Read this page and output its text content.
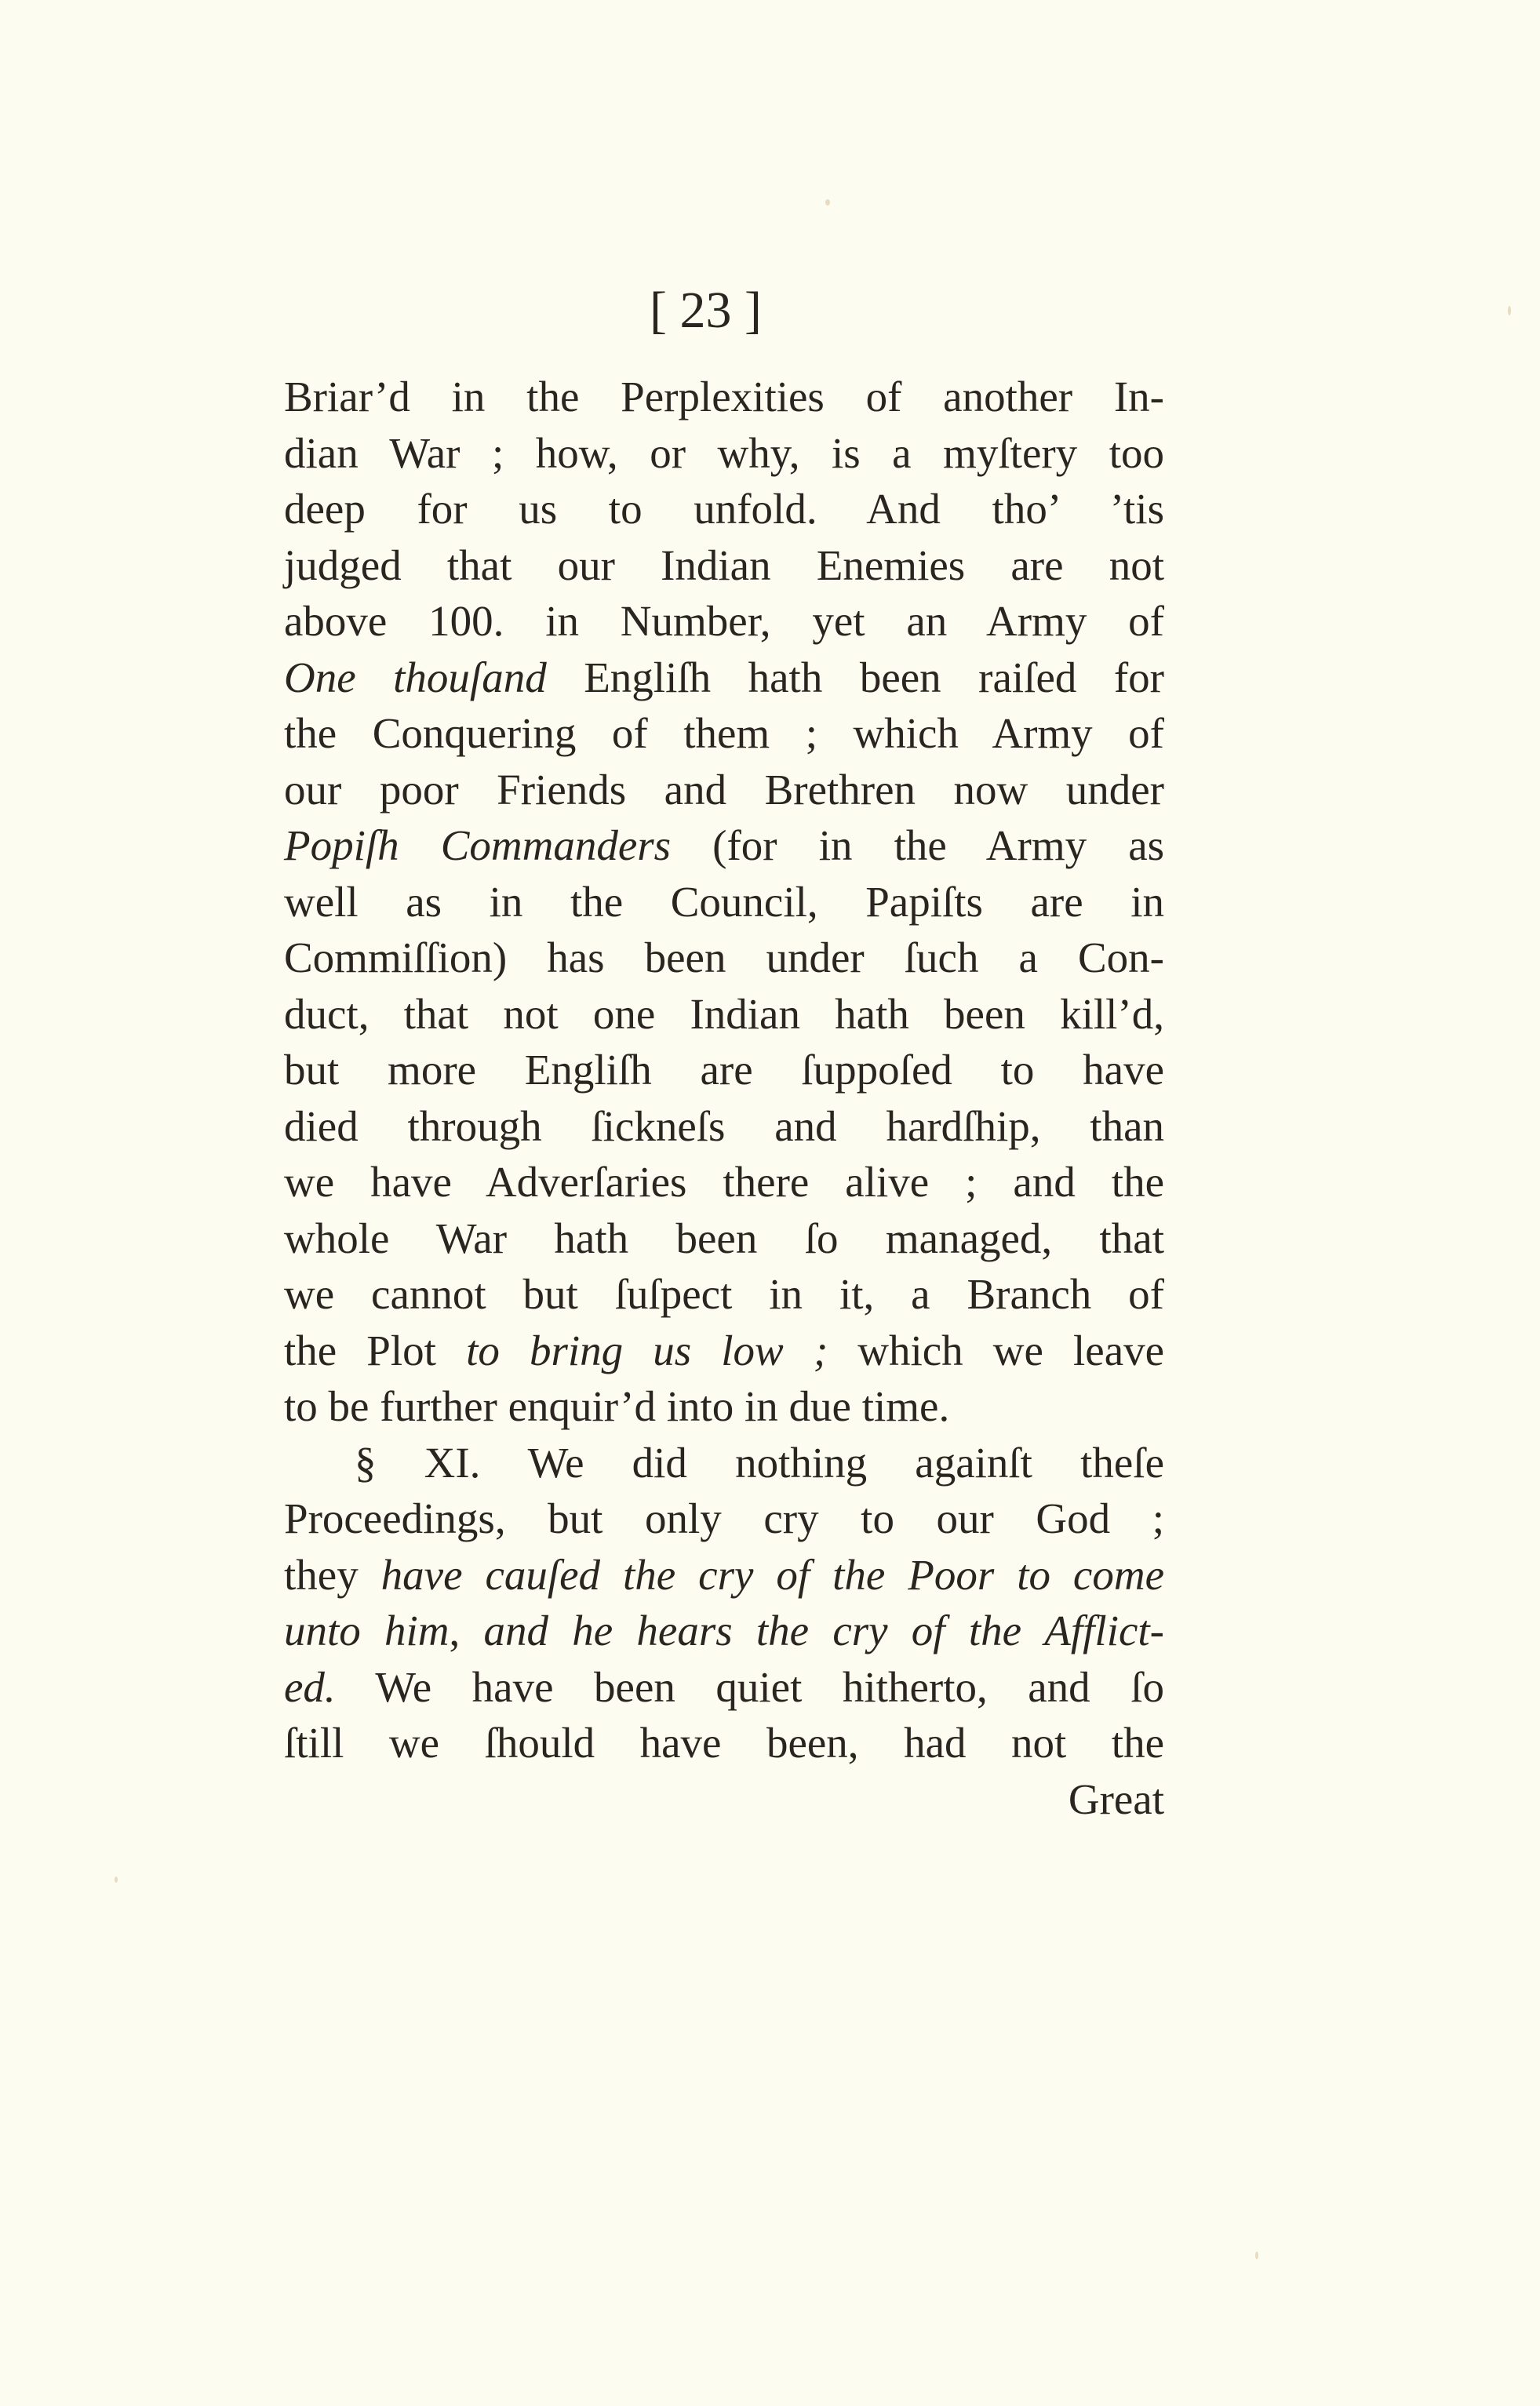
[ 23 ]
Briar’d in the Perplexities of another In-
dian War ; how, or why, is a myſtery too
deep for us to unfold. And tho’ ’tis
judged that our Indian Enemies are not
above 100. in Number, yet an Army of
One thouſand Engliſh hath been raiſed for
the Conquering of them ; which Army of
our poor Friends and Brethren now under
Popiſh Commanders (for in the Army as
well as in the Council, Papiſts are in
Commiſſion) has been under ſuch a Con-
duct, that not one Indian hath been kill’d,
but more Engliſh are ſuppoſed to have
died through ſickneſs and hardſhip, than
we have Adverſaries there alive ; and the
whole War hath been ſo managed, that
we cannot but ſuſpect in it, a Branch of
the Plot to bring us low ; which we leave
to be further enquir’d into in due time.
§ XI. We did nothing againſt theſe
Proceedings, but only cry to our God ;
they have cauſed the cry of the Poor to come
unto him, and he hears the cry of the Afflict-
ed. We have been quiet hitherto, and ſo
ſtill we ſhould have been, had not the
Great
